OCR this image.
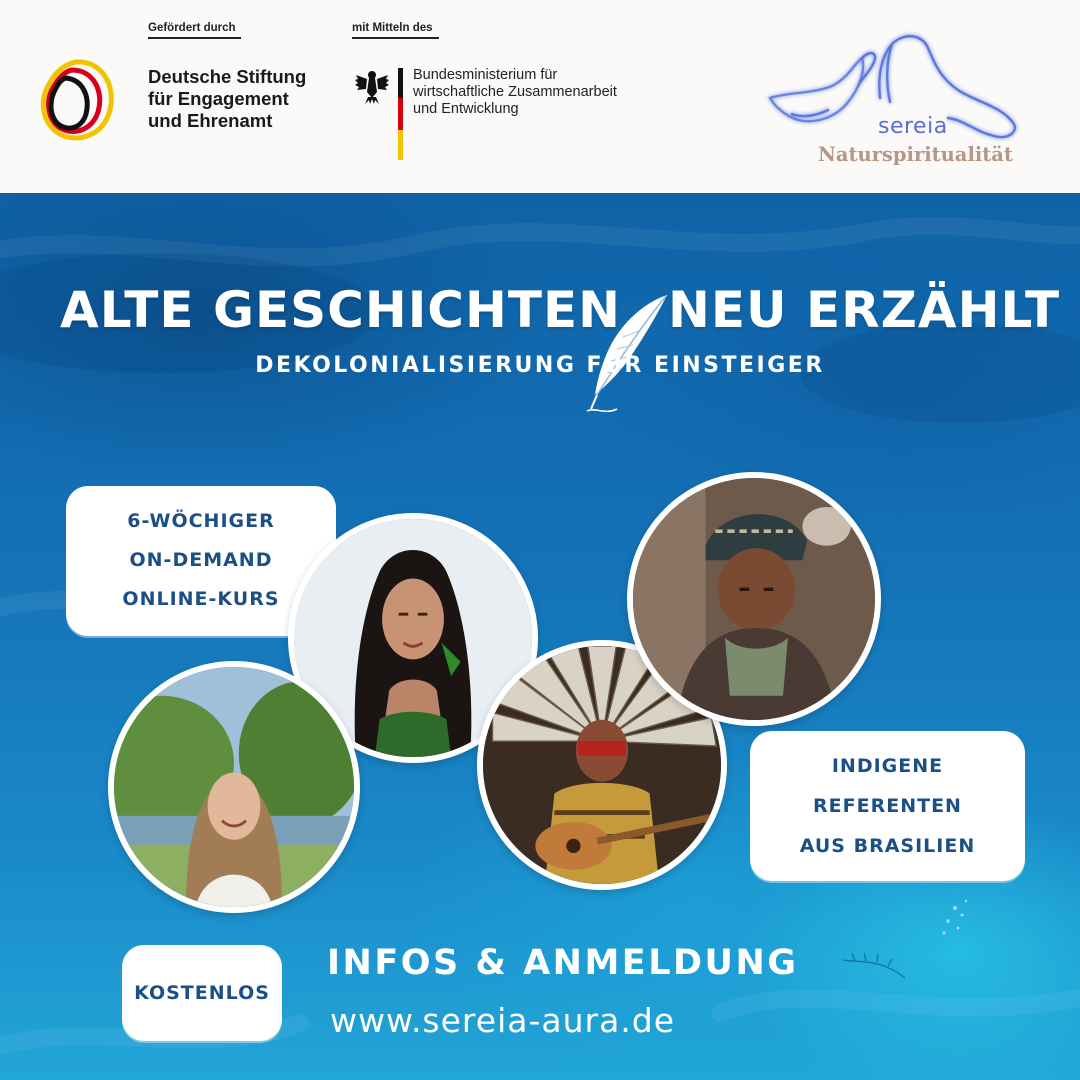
Gefördert durch
Deutsche Stiftung
für Engagement
und Ehrenamt
mit Mitteln des
Bundesministerium für
wirtschaftliche Zusammenarbeit
und Entwicklung
sereia
Naturspiritualität
ALTE GESCHICHTEN NEU ERZÄHLT
DEKOLONIALISIERUNG FÜR EINSTEIGER
6-WÖCHIGER
ON-DEMAND
ONLINE-KURS
INDIGENE
REFERENTEN
AUS BRASILIEN
KOSTENLOS
INFOS & ANMELDUNG
www.sereia-aura.de
